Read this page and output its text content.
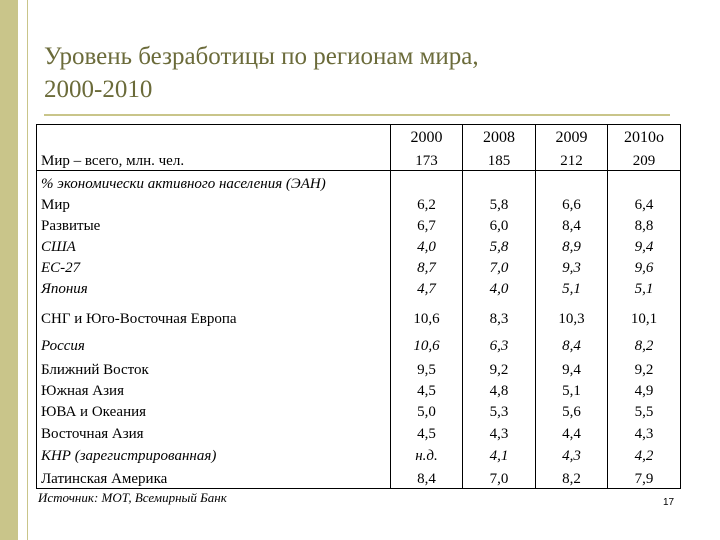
Уровень безработицы по регионам мира,
2000-2010
	2000	2008	2009	2010o
Мир – всего, млн. чел.	173	185	212	209
% экономически активного населения (ЭАН)				
Мир	6,2	5,8	6,6	6,4
Развитые	6,7	6,0	8,4	8,8
США	4,0	5,8	8,9	9,4
ЕС-27	8,7	7,0	9,3	9,6
Япония	4,7	4,0	5,1	5,1
СНГ и Юго-Восточная Европа	10,6	8,3	10,3	10,1
Россия	10,6	6,3	8,4	8,2
Ближний Восток	9,5	9,2	9,4	9,2
Южная Азия	4,5	4,8	5,1	4,9
ЮВА и Океания	5,0	5,3	5,6	5,5
Восточная Азия	4,5	4,3	4,4	4,3
КНР (зарегистрированная)	н.д.	4,1	4,3	4,2
Латинская Америка	8,4	7,0	8,2	7,9
Источник: МОТ, Всемирный Банк	17
